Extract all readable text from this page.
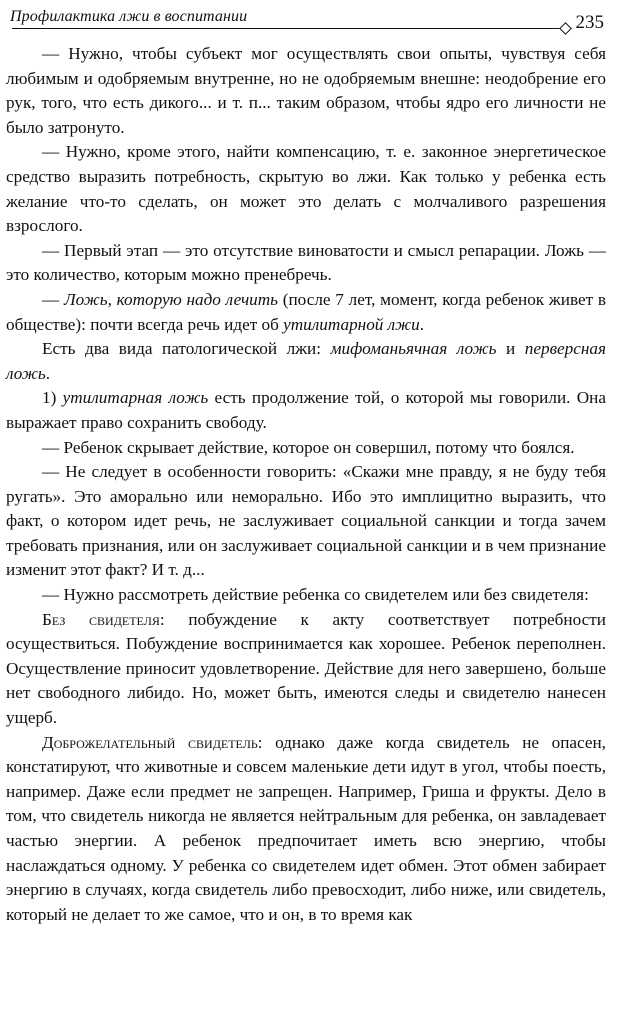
Профилактика лжи в воспитании	235

— Нужно, чтобы субъект мог осуществлять свои опыты, чувствуя себя любимым и одобряемым внутренне, но не одобряемым внешне: неодобрение его рук, того, что есть дикого... и т. п... таким образом, чтобы ядро его личности не было затронуто.

— Нужно, кроме этого, найти компенсацию, т. е. законное энергетическое средство выразить потребность, скрытую во лжи. Как только у ребенка есть желание что-то сделать, он может это делать с молчаливого разрешения взрослого.

— Первый этап — это отсутствие виноватости и смысл репарации. Ложь — это количество, которым можно пренебречь.

— Ложь, которую надо лечить (после 7 лет, момент, когда ребенок живет в обществе): почти всегда речь идет об утилитарной лжи.

Есть два вида патологической лжи: мифоманьячная ложь и перверсная ложь.

1) утилитарная ложь есть продолжение той, о которой мы говорили. Она выражает право сохранить свободу.

— Ребенок скрывает действие, которое он совершил, потому что боялся.

— Не следует в особенности говорить: «Скажи мне правду, я не буду тебя ругать». Это аморально или неморально. Ибо это имплицитно выразить, что факт, о котором идет речь, не заслуживает социальной санкции и тогда зачем требовать признания, или он заслуживает социальной санкции и в чем признание изменит этот факт? И т. д...

— Нужно рассмотреть действие ребенка со свидетелем или без свидетеля:

Без свидетеля: побуждение к акту соответствует потребности осуществиться. Побуждение воспринимается как хорошее. Ребенок переполнен. Осуществление приносит удовлетворение. Действие для него завершено, больше нет свободного либидо. Но, может быть, имеются следы и свидетелю нанесен ущерб.

Доброжелательный свидетель: однако даже когда свидетель не опасен, констатируют, что животные и совсем маленькие дети идут в угол, чтобы поесть, например. Даже если предмет не запрещен. Например, Гриша и фрукты. Дело в том, что свидетель никогда не является нейтральным для ребенка, он завладевает частью энергии. А ребенок предпочитает иметь всю энергию, чтобы наслаждаться одному. У ребенка со свидетелем идет обмен. Этот обмен забирает энергию в случаях, когда свидетель либо превосходит, либо ниже, или свидетель, который не делает то же самое, что и он, в то время как
